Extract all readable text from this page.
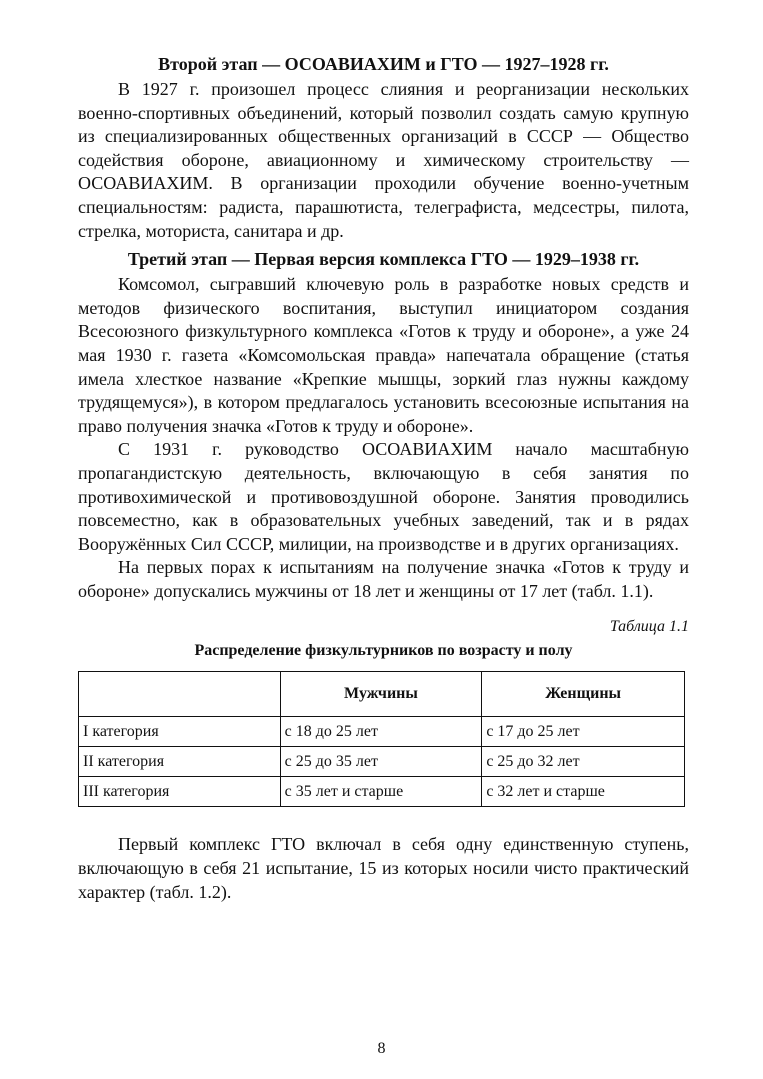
Второй этап — ОСОАВИАХИМ и ГТО — 1927–1928 гг.

В 1927 г. произошел процесс слияния и реорганизации нескольких военно-спортивных объединений, который позволил создать самую крупную из специализированных общественных организаций в СССР — Общество содействия обороне, авиационному и химическому строительству — ОСОАВИАХИМ. В организации проходили обучение военно-учетным специальностям: радиста, парашютиста, телеграфиста, медсестры, пилота, стрелка, моториста, санитара и др.

Третий этап — Первая версия комплекса ГТО — 1929–1938 гг.

Комсомол, сыгравший ключевую роль в разработке новых средств и методов физического воспитания, выступил инициатором создания Всесоюзного физкультурного комплекса «Готов к труду и обороне», а уже 24 мая 1930 г. газета «Комсомольская правда» напечатала обращение (статья имела хлесткое название «Крепкие мышцы, зоркий глаз нужны каждому трудящемуся»), в котором предлагалось установить всесоюзные испытания на право получения значка «Готов к труду и обороне».

С 1931 г. руководство ОСОАВИАХИМ начало масштабную пропагандистскую деятельность, включающую в себя занятия по противохимической и противовоздушной обороне. Занятия проводились повсеместно, как в образовательных учебных заведений, так и в рядах Вооружённых Сил СССР, милиции, на производстве и в других организациях.

На первых порах к испытаниям на получение значка «Готов к труду и обороне» допускались мужчины от 18 лет и женщины от 17 лет (табл. 1.1).

Таблица 1.1
Распределение физкультурников по возрасту и полу
	Мужчины	Женщины
I категория	с 18 до 25 лет	с 17 до 25 лет
II категория	с 25 до 35 лет	с 25 до 32 лет
III категория	с 35 лет и старше	с 32 лет и старше

Первый комплекс ГТО включал в себя одну единственную ступень, включающую в себя 21 испытание, 15 из которых носили чисто практический характер (табл. 1.2).

8
